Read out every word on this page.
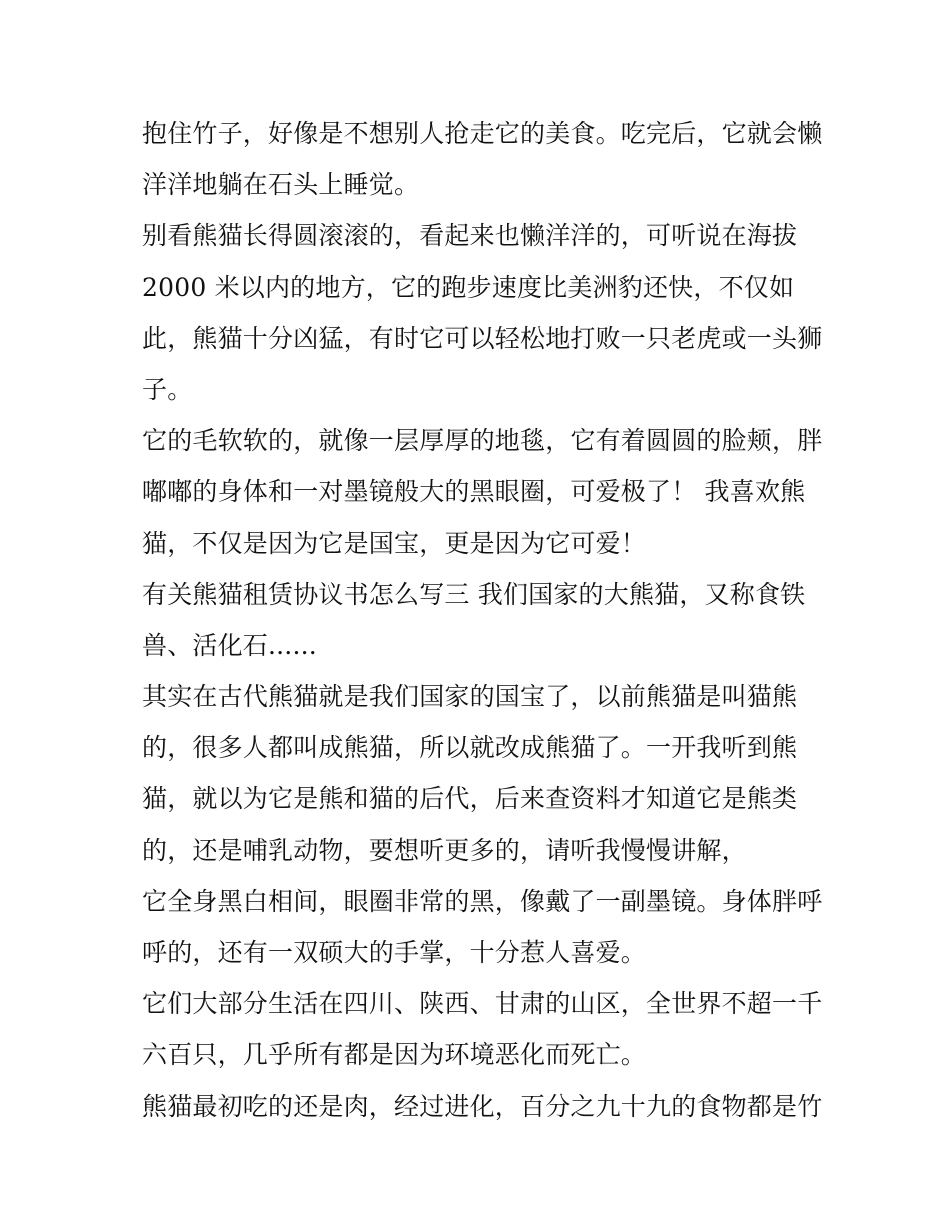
抱住竹子，好像是不想别人抢走它的美食。吃完后，它就会懒
洋洋地躺在石头上睡觉。
别看熊猫长得圆滚滚的，看起来也懒洋洋的，可听说在海拔
2000 米以内的地方，它的跑步速度比美洲豹还快，不仅如
此，熊猫十分凶猛，有时它可以轻松地打败一只老虎或一头狮
子。
它的毛软软的，就像一层厚厚的地毯，它有着圆圆的脸颊，胖
嘟嘟的身体和一对墨镜般大的黑眼圈，可爱极了！ 我喜欢熊
猫，不仅是因为它是国宝，更是因为它可爱！
有关熊猫租赁协议书怎么写三 我们国家的大熊猫，又称食铁
兽、活化石......
其实在古代熊猫就是我们国家的国宝了，以前熊猫是叫猫熊
的，很多人都叫成熊猫，所以就改成熊猫了。一开我听到熊
猫，就以为它是熊和猫的后代，后来查资料才知道它是熊类
的，还是哺乳动物，要想听更多的，请听我慢慢讲解，
它全身黑白相间，眼圈非常的黑，像戴了一副墨镜。身体胖呼
呼的，还有一双硕大的手掌，十分惹人喜爱。
它们大部分生活在四川、陕西、甘肃的山区，全世界不超一千
六百只，几乎所有都是因为环境恶化而死亡。
熊猫最初吃的还是肉，经过进化，百分之九十九的食物都是竹
